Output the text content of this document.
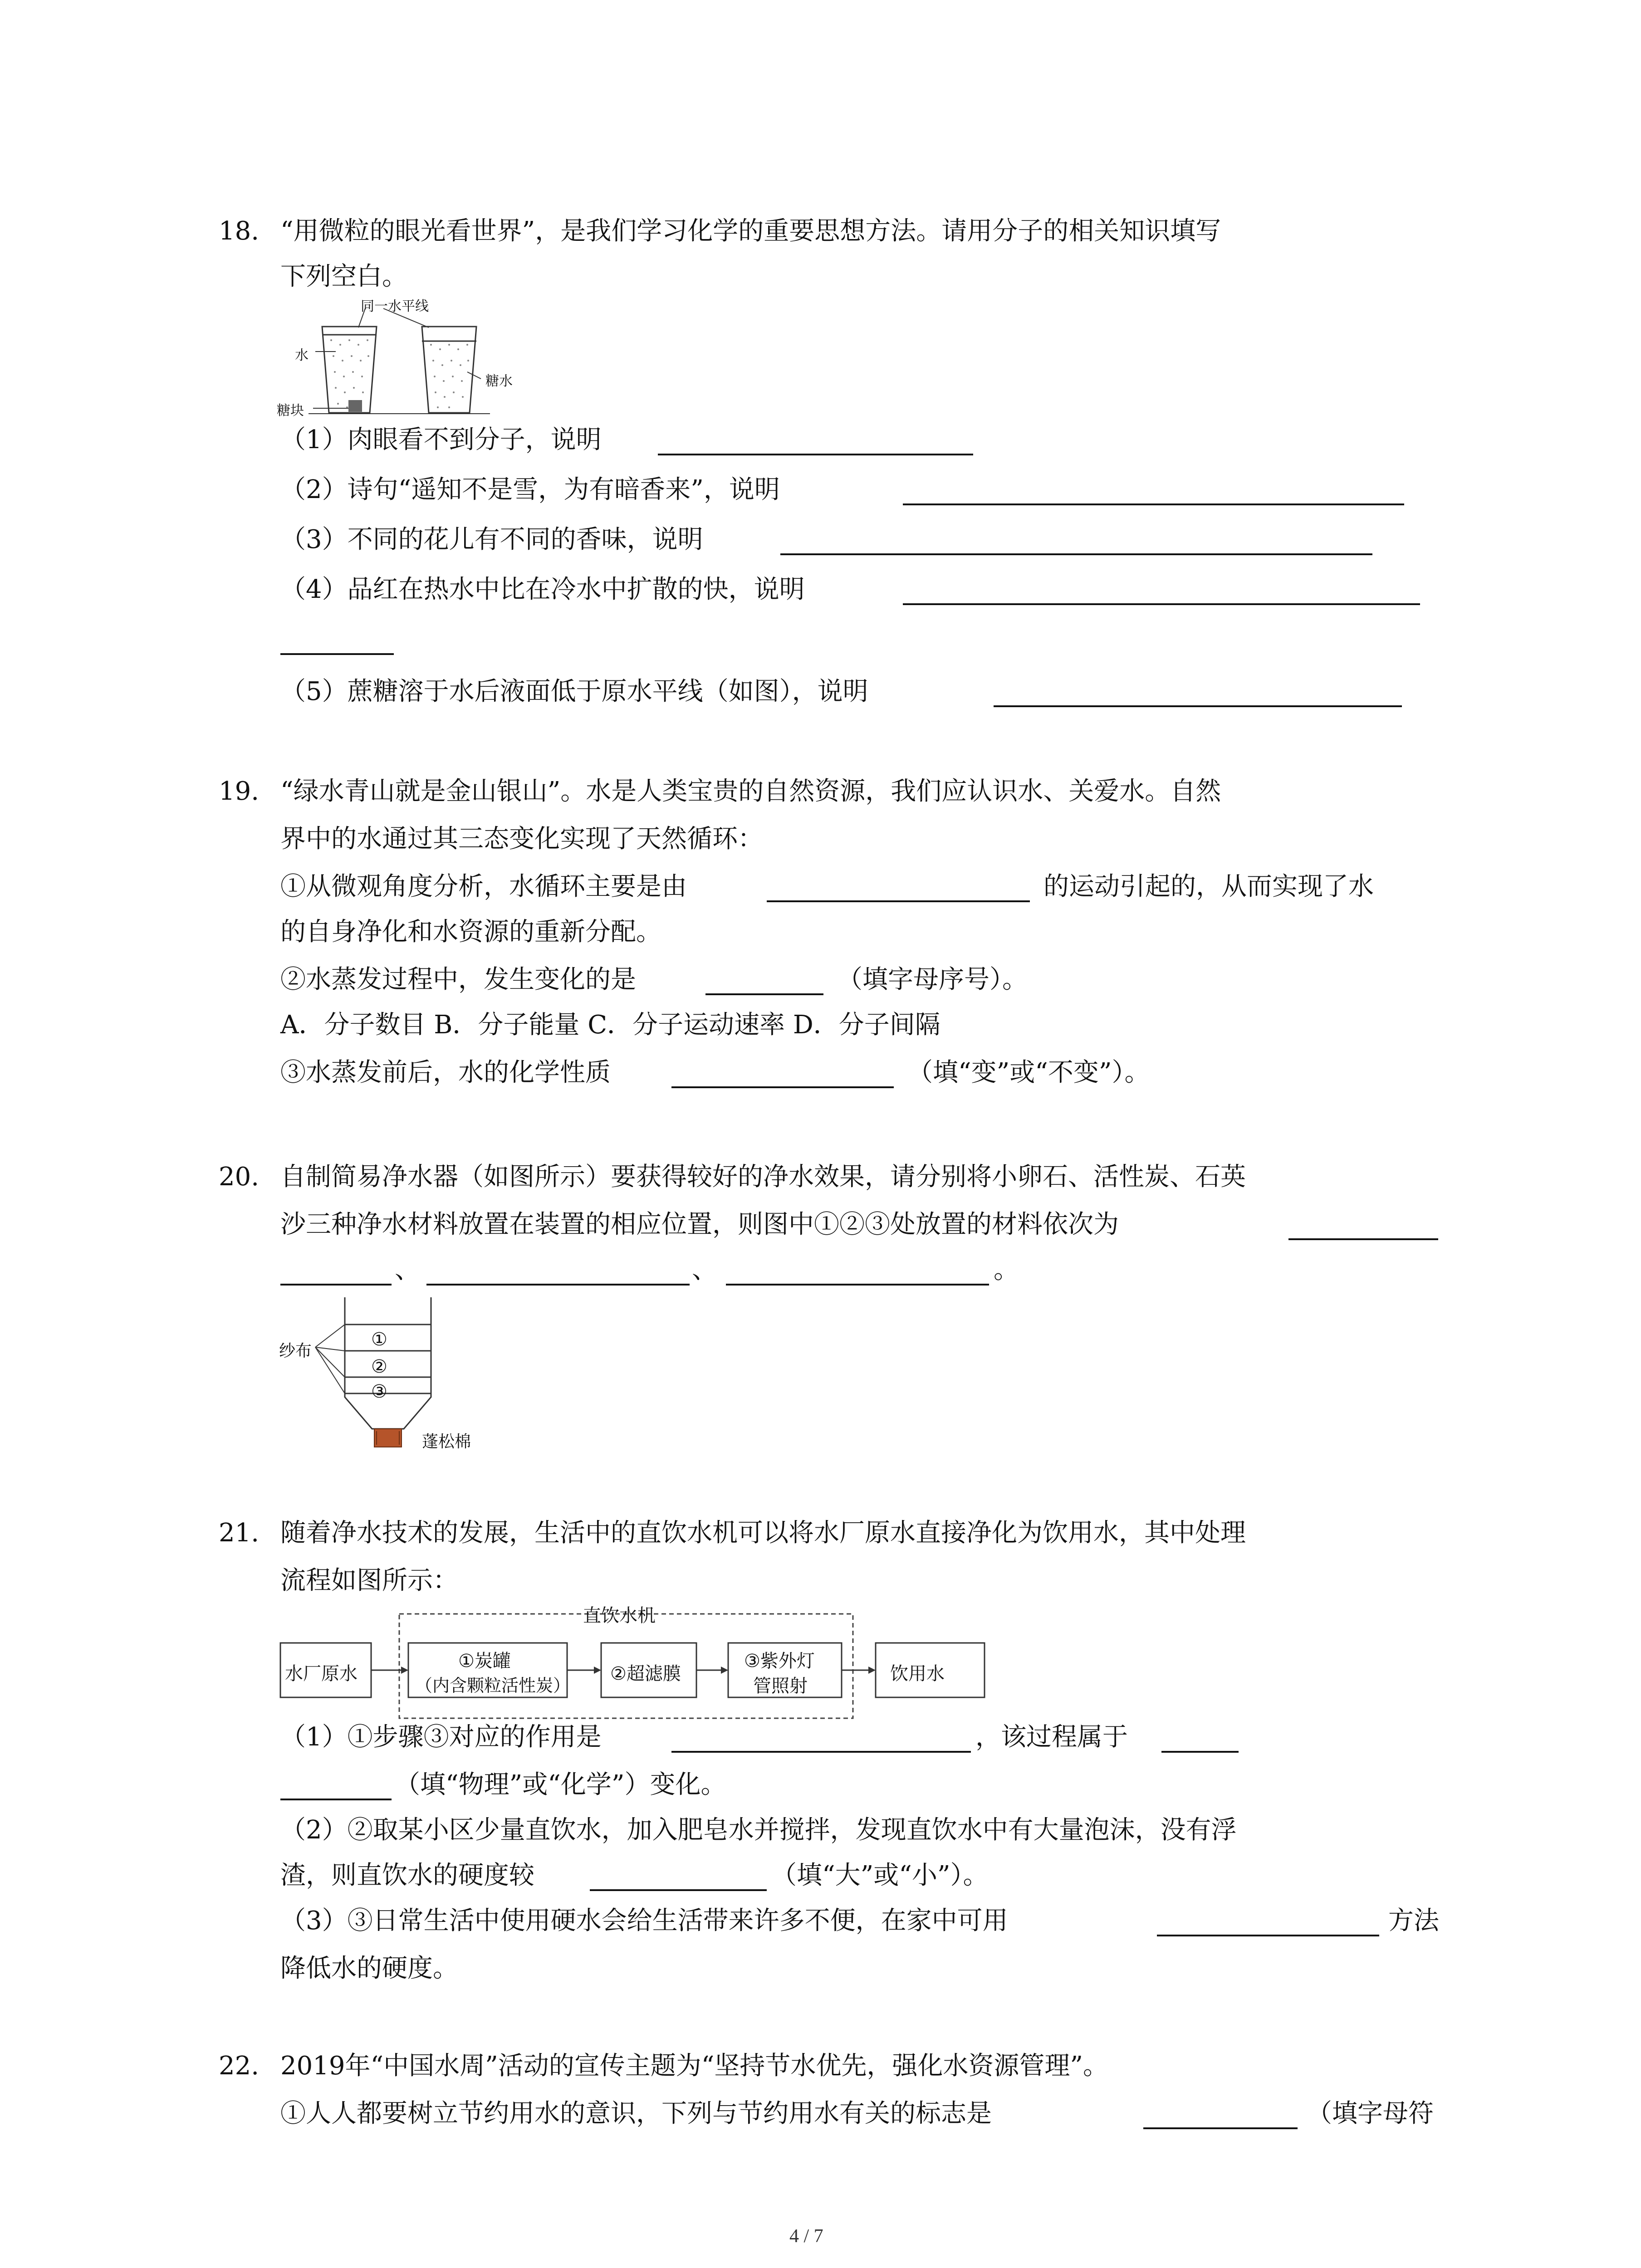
18. “用微粒的眼光看世界”，是我们学习化学的重要思想方法。请用分子的相关知识填写
下列空白。
同一水平线
水
糖水
糖块
（1）肉眼看不到分子，说明
（2）诗句“遥知不是雪，为有暗香来”，说明
（3）不同的花儿有不同的香味，说明
（4）品红在热水中比在冷水中扩散的快，说明
（5）蔗糖溶于水后液面低于原水平线（如图），说明
19. “绿水青山就是金山银山”。水是人类宝贵的自然资源，我们应认识水、关爱水。自然
界中的水通过其三态变化实现了天然循环：
①从微观角度分析，水循环主要是由	的运动引起的，从而实现了水
的自身净化和水资源的重新分配。
②水蒸发过程中，发生变化的是	（填字母序号）。
A．分子数目 B．分子能量 C．分子运动速率 D．分子间隔
③水蒸发前后，水的化学性质	（填“变”或“不变”）。
20. 自制简易净水器（如图所示）要获得较好的净水效果，请分别将小卵石、活性炭、石英
沙三种净水材料放置在装置的相应位置，则图中①②③处放置的材料依次为
、	、	。
纱布
①
②
③
蓬松棉
21. 随着净水技术的发展，生活中的直饮水机可以将水厂原水直接净化为饮用水，其中处理
流程如图所示：
直饮水机
水厂原水
①炭罐
（内含颗粒活性炭）
②超滤膜
③紫外灯
管照射
饮用水
（1）①步骤③对应的作用是	，该过程属于
（填“物理”或“化学”）变化。
（2）②取某小区少量直饮水，加入肥皂水并搅拌，发现直饮水中有大量泡沫，没有浮
渣，则直饮水的硬度较	（填“大”或“小”）。
（3）③日常生活中使用硬水会给生活带来许多不便，在家中可用	方法
降低水的硬度。
22. 2019年“中国水周”活动的宣传主题为“坚持节水优先，强化水资源管理”。
①人人都要树立节约用水的意识，下列与节约用水有关的标志是	（填字母符
4 / 7
